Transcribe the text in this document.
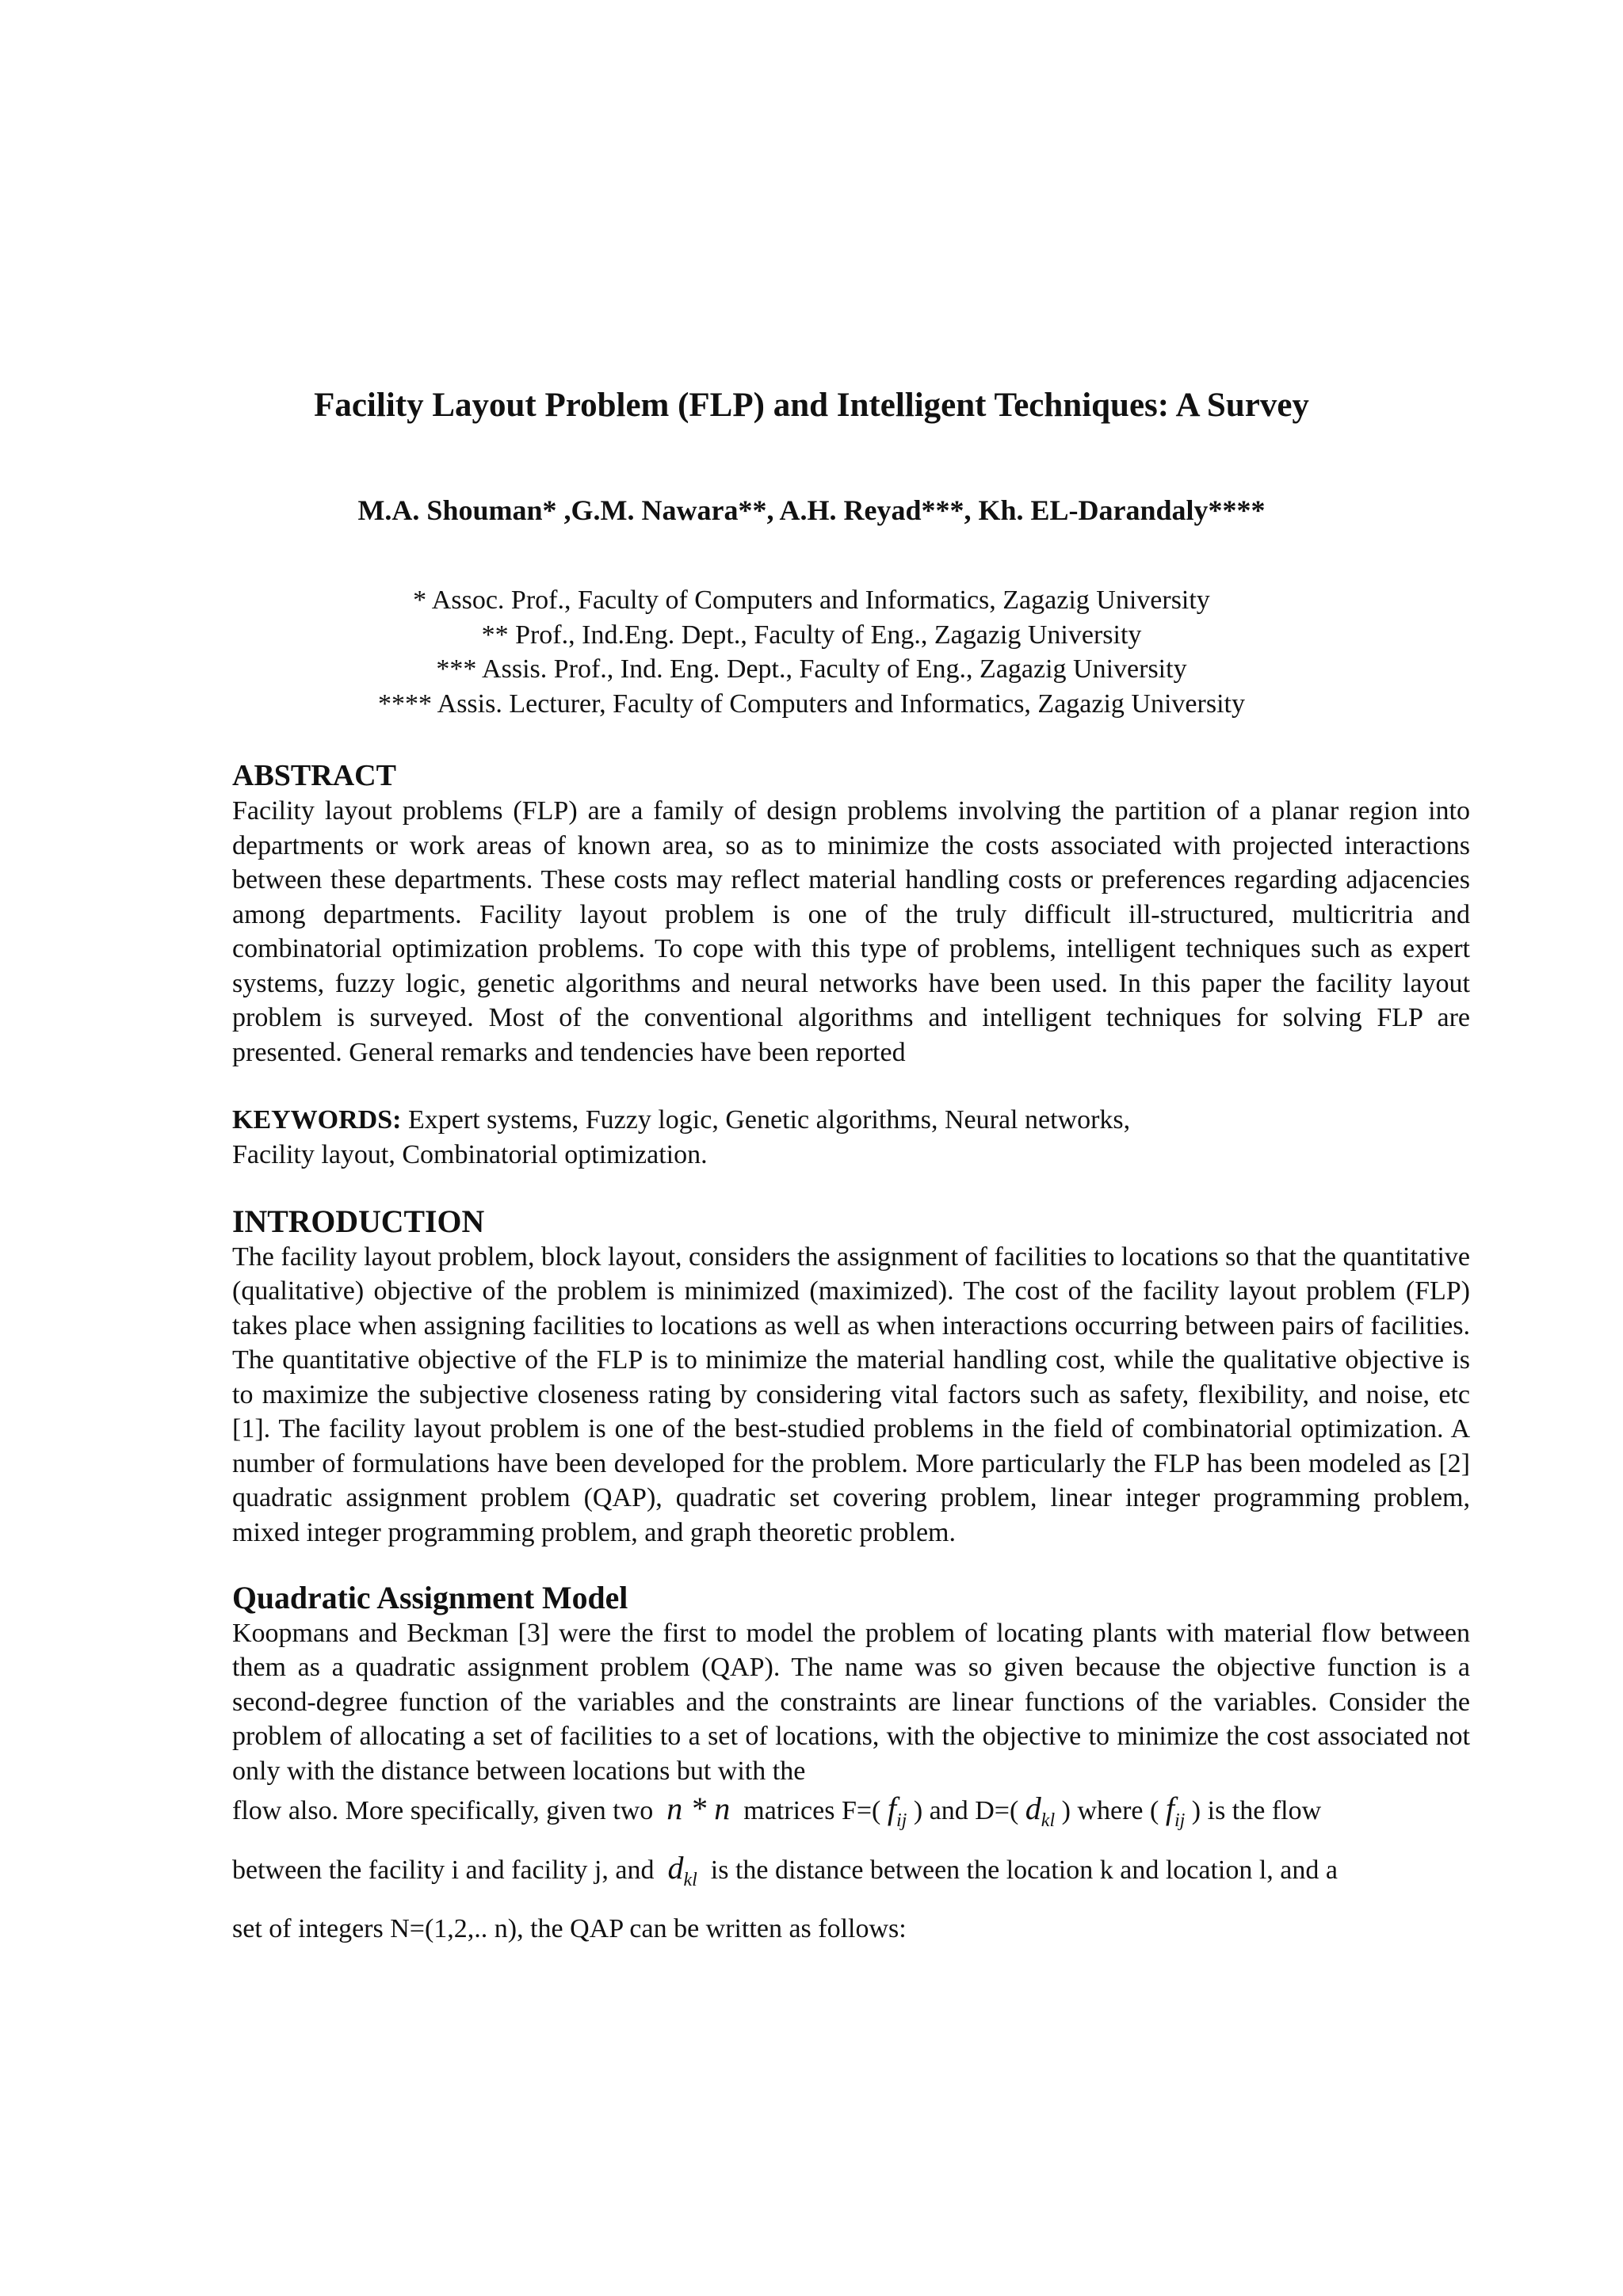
Facility Layout Problem (FLP) and Intelligent Techniques: A Survey
M.A. Shouman* ,G.M. Nawara**, A.H. Reyad***, Kh. EL-Darandaly****
* Assoc. Prof., Faculty of Computers and Informatics, Zagazig University
** Prof., Ind.Eng. Dept., Faculty of Eng., Zagazig University
*** Assis. Prof., Ind. Eng. Dept., Faculty of Eng., Zagazig University
**** Assis. Lecturer, Faculty of Computers and Informatics, Zagazig University
ABSTRACT

Facility layout problems (FLP) are a family of design problems involving the partition of a planar region into departments or work areas of known area, so as to minimize the costs associated with projected interactions between these departments. These costs may reflect material handling costs or preferences regarding adjacencies among departments. Facility layout problem is one of the truly difficult ill-structured, multicritria and combinatorial optimization problems. To cope with this type of problems, intelligent techniques such as expert systems, fuzzy logic, genetic algorithms and neural networks have been used. In this paper the facility layout problem is surveyed. Most of the conventional algorithms and intelligent techniques for solving FLP are presented. General remarks and tendencies have been reported

KEYWORDS: Expert systems, Fuzzy logic, Genetic algorithms, Neural networks,
Facility layout, Combinatorial optimization.

INTRODUCTION

The facility layout problem, block layout, considers the assignment of facilities to locations so that the quantitative (qualitative) objective of the problem is minimized (maximized). The cost of the facility layout problem (FLP) takes place when assigning facilities to locations as well as when interactions occurring between pairs of facilities. The quantitative objective of the FLP is to minimize the material handling cost, while the qualitative objective is to maximize the subjective closeness rating by considering vital factors such as safety, flexibility, and noise, etc [1]. The facility layout problem is one of the best-studied problems in the field of combinatorial optimization. A number of formulations have been developed for the problem. More particularly the FLP has been modeled as [2] quadratic assignment problem (QAP), quadratic set covering problem, linear integer programming problem, mixed integer programming problem, and graph theoretic problem.

Quadratic Assignment Model

Koopmans and Beckman [3] were the first to model the problem of locating plants with material flow between them as a quadratic assignment problem (QAP). The name was so given because the objective function is a second-degree function of the variables and the constraints are linear functions of the variables. Consider the problem of allocating a set of facilities to a set of locations, with the objective to minimize the cost associated not only with the distance between locations but with the

flow also. More specifically, given two n * n matrices F=( $f_{ij}$ ) and D=( $d_{kl}$ ) where ( $f_{ij}$ ) is the flow

between the facility i and facility j, and $d_{kl}$ is the distance between the location k and location l, and a

set of integers N=(1,2,.. n), the QAP can be written as follows:
